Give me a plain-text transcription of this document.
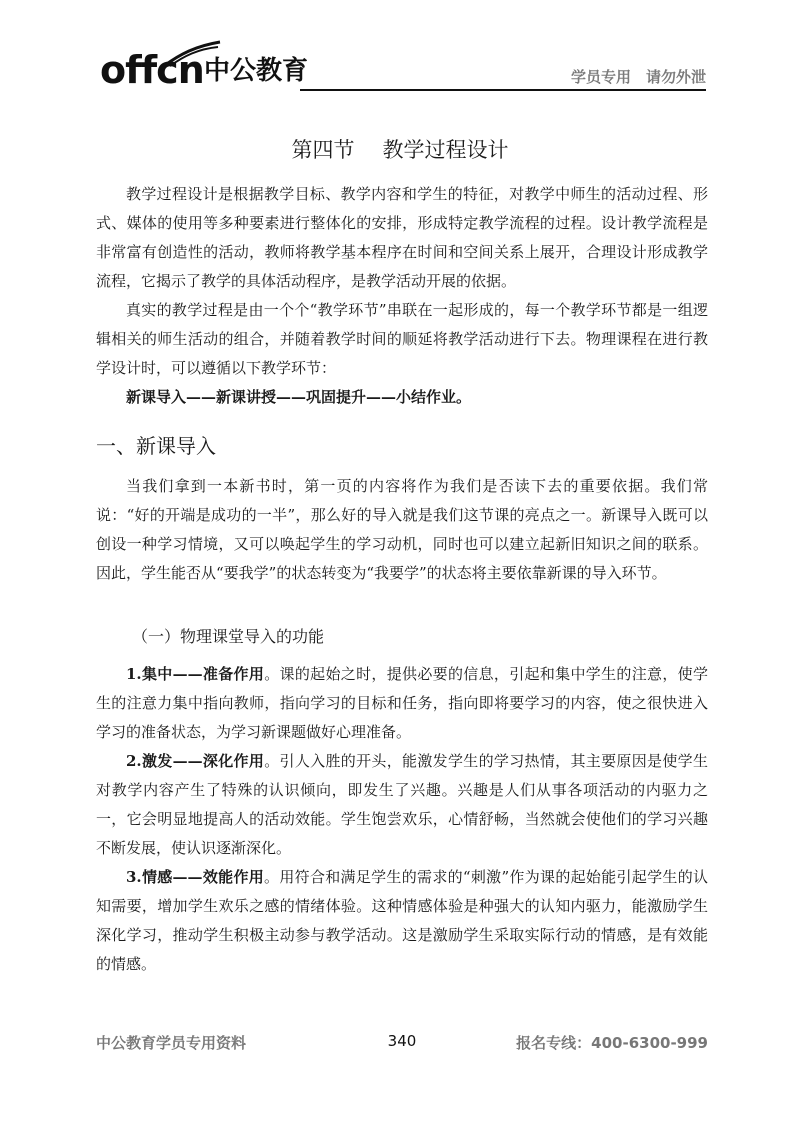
offcn 中公教育	学员专用　请勿外泄
第四节 教学过程设计

教学过程设计是根据教学目标、教学内容和学生的特征，对教学中师生的活动过程、形式、媒体的使用等多种要素进行整体化的安排，形成特定教学流程的过程。设计教学流程是非常富有创造性的活动，教师将教学基本程序在时间和空间关系上展开，合理设计形成教学流程，它揭示了教学的具体活动程序，是教学活动开展的依据。

真实的教学过程是由一个个“教学环节”串联在一起形成的，每一个教学环节都是一组逻辑相关的师生活动的组合，并随着教学时间的顺延将教学活动进行下去。物理课程在进行教学设计时，可以遵循以下教学环节：

新课导入——新课讲授——巩固提升——小结作业。

一、新课导入

当我们拿到一本新书时，第一页的内容将作为我们是否读下去的重要依据。我们常说：“好的开端是成功的一半”，那么好的导入就是我们这节课的亮点之一。新课导入既可以创设一种学习情境，又可以唤起学生的学习动机，同时也可以建立起新旧知识之间的联系。因此，学生能否从“要我学”的状态转变为“我要学”的状态将主要依靠新课的导入环节。

（一）物理课堂导入的功能

1.集中——准备作用。课的起始之时，提供必要的信息，引起和集中学生的注意，使学生的注意力集中指向教师，指向学习的目标和任务，指向即将要学习的内容，使之很快进入学习的准备状态，为学习新课题做好心理准备。

2.激发——深化作用。引人入胜的开头，能激发学生的学习热情，其主要原因是使学生对教学内容产生了特殊的认识倾向，即发生了兴趣。兴趣是人们从事各项活动的内驱力之一，它会明显地提高人的活动效能。学生饱尝欢乐，心情舒畅，当然就会使他们的学习兴趣不断发展，使认识逐渐深化。

3.情感——效能作用。用符合和满足学生的需求的“刺激”作为课的起始能引起学生的认知需要，增加学生欢乐之感的情绪体验。这种情感体验是种强大的认知内驱力，能激励学生深化学习，推动学生积极主动参与教学活动。这是激励学生采取实际行动的情感，是有效能的情感。

中公教育学员专用资料	340	报名专线：400-6300-999
